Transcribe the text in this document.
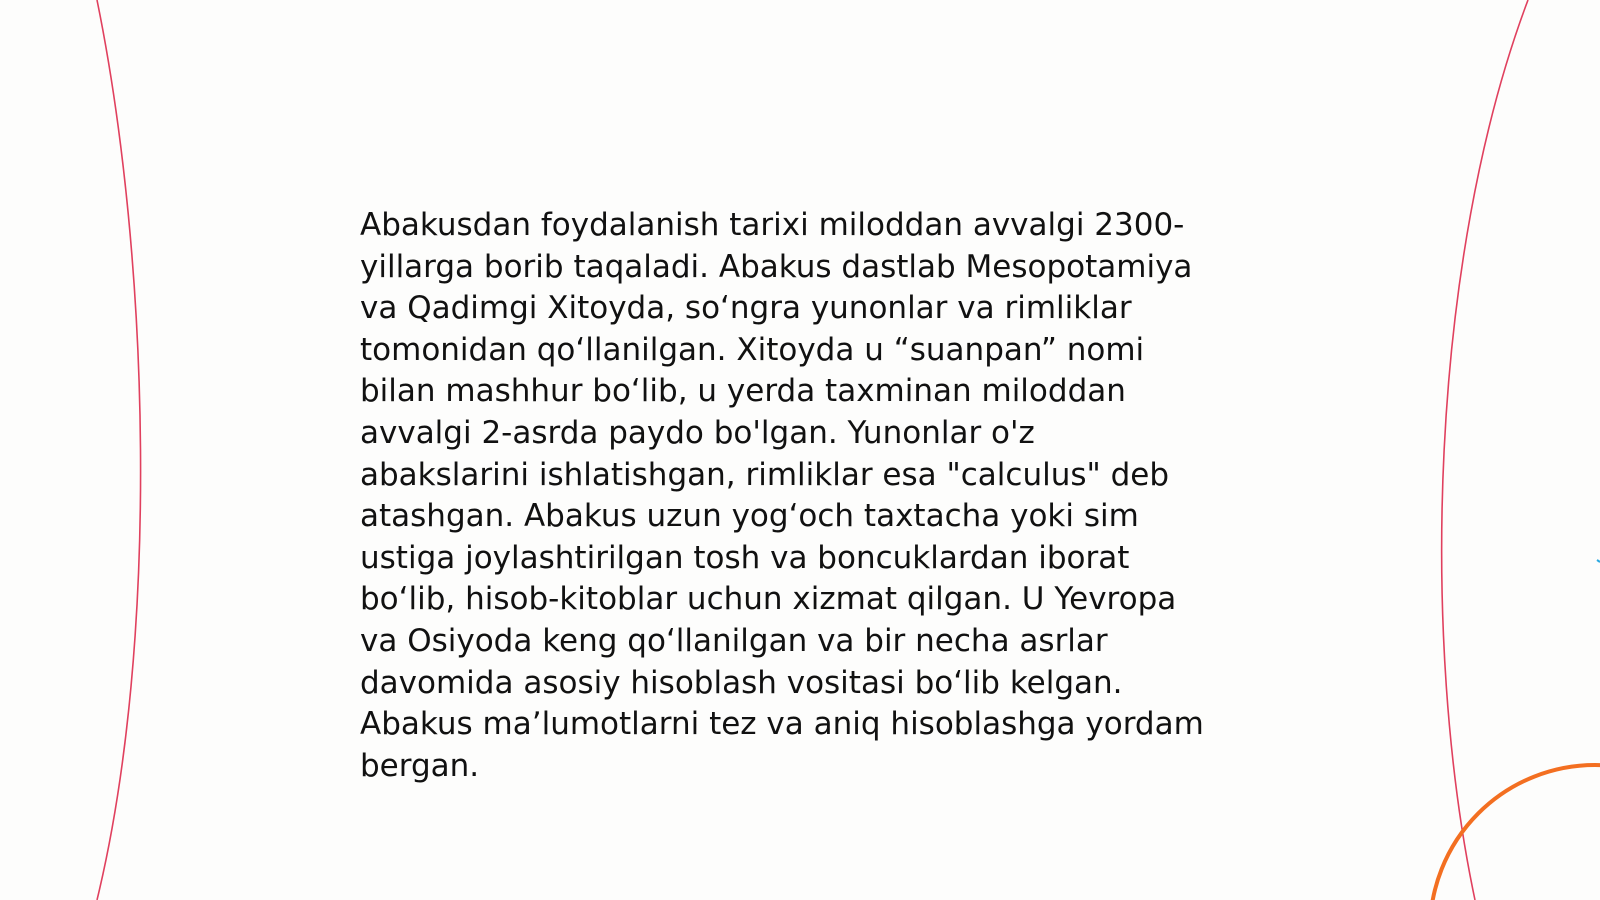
Abakusdan foydalanish tarixi miloddan avvalgi 2300-
yillarga borib taqaladi. Abakus dastlab Mesopotamiya
va Qadimgi Xitoyda, so‘ngra yunonlar va rimliklar
tomonidan qo‘llanilgan. Xitoyda u “suanpan” nomi
bilan mashhur bo‘lib, u yerda taxminan miloddan
avvalgi 2-asrda paydo bo'lgan. Yunonlar o'z
abakslarini ishlatishgan, rimliklar esa "calculus" deb
atashgan. Abakus uzun yog‘och taxtacha yoki sim
ustiga joylashtirilgan tosh va boncuklardan iborat
bo‘lib, hisob-kitoblar uchun xizmat qilgan. U Yevropa
va Osiyoda keng qo‘llanilgan va bir necha asrlar
davomida asosiy hisoblash vositasi bo‘lib kelgan.
Abakus ma’lumotlarni tez va aniq hisoblashga yordam
bergan.
